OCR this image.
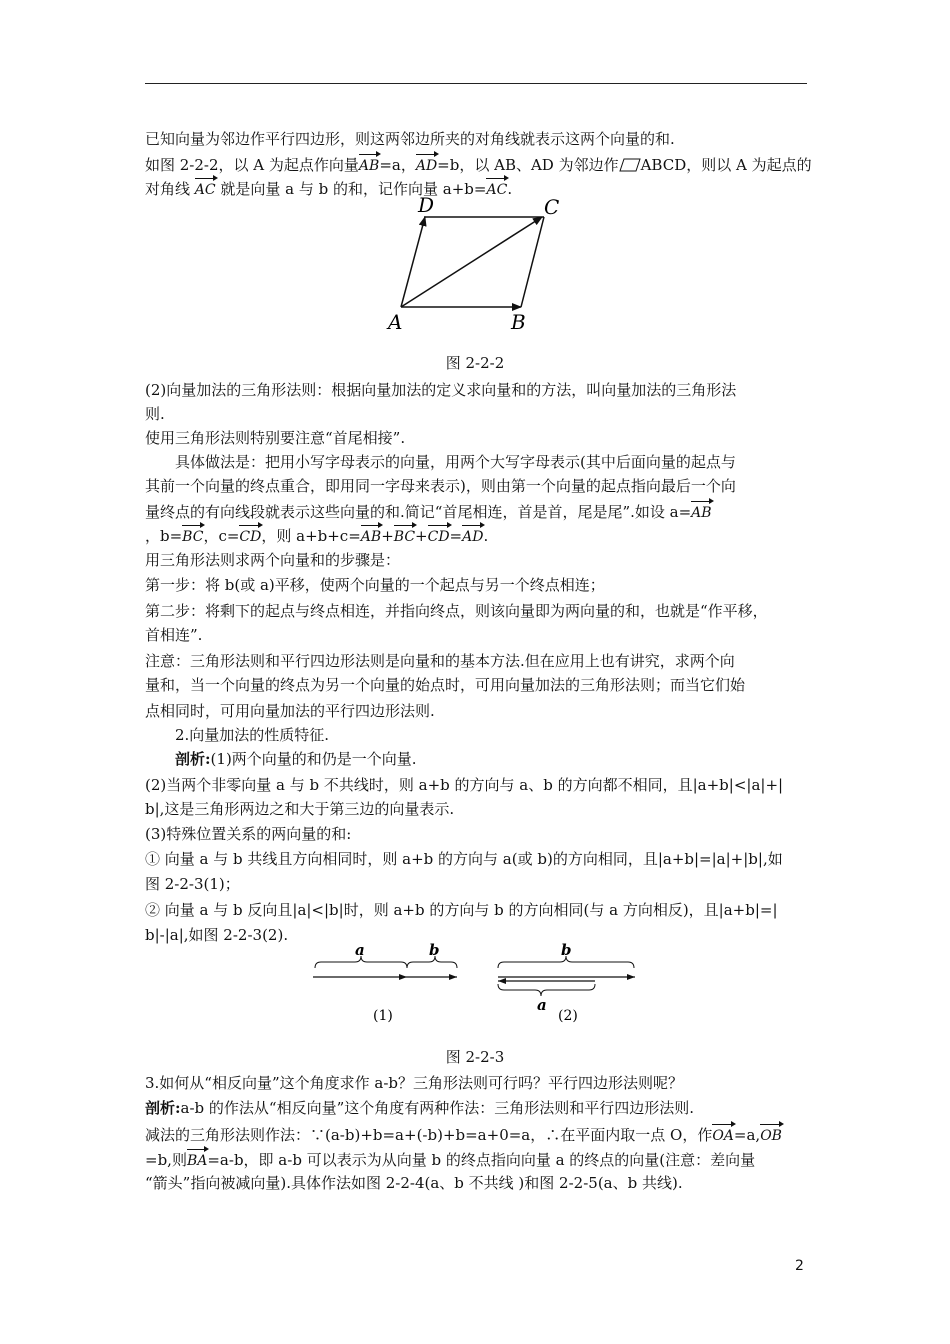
已知向量为邻边作平行四边形，则这两邻边所夹的对角线就表示这两个向量的和.
如图 2-2-2，以 A 为起点作向量AB=a，AD=b，以 AB、AD 为邻边作 ABCD，则以 A 为起点的
对角线 AC 就是向量 a 与 b 的和，记作向量 a+b=AC.
D	C
A	B
图 2-2-2
(2)向量加法的三角形法则：根据向量加法的定义求向量和的方法，叫向量加法的三角形法
则.
使用三角形法则特别要注意“首尾相接”.
具体做法是：把用小写字母表示的向量，用两个大写字母表示(其中后面向量的起点与
其前一个向量的终点重合，即用同一字母来表示)，则由第一个向量的起点指向最后一个向
量终点的有向线段就表示这些向量的和.简记“首尾相连，首是首，尾是尾”.如设 a=AB
，b=BC，c=CD，则 a+b+c=AB+BC+CD=AD.
用三角形法则求两个向量和的步骤是：
第一步：将 b(或 a)平移，使两个向量的一个起点与另一个终点相连；
第二步：将剩下的起点与终点相连，并指向终点，则该向量即为两向量的和，也就是“作平移，
首相连”.
注意：三角形法则和平行四边形法则是向量和的基本方法.但在应用上也有讲究，求两个向
量和，当一个向量的终点为另一个向量的始点时，可用向量加法的三角形法则；而当它们始
点相同时，可用向量加法的平行四边形法则.
2.向量加法的性质特征.
剖析:(1)两个向量的和仍是一个向量.
(2)当两个非零向量 a 与 b 不共线时，则 a+b 的方向与 a、b 的方向都不相同，且|a+b|<|a|+|
b|,这是三角形两边之和大于第三边的向量表示.
(3)特殊位置关系的两向量的和:
① 向量 a 与 b 共线且方向相同时，则 a+b 的方向与 a(或 b)的方向相同，且|a+b|=|a|+|b|,如
图 2-2-3(1)；
② 向量 a 与 b 反向且|a|<|b|时，则 a+b 的方向与 b 的方向相同(与 a 方向相反)，且|a+b|=|
b|-|a|,如图 2-2-3(2).
a	b
(1)
b
a
(2)
图 2-2-3
3.如何从“相反向量”这个角度求作 a-b？三角形法则可行吗？平行四边形法则呢？
剖析:a-b 的作法从“相反向量”这个角度有两种作法：三角形法则和平行四边形法则.
减法的三角形法则作法：∵(a-b)+b=a+(-b)+b=a+0=a，∴在平面内取一点 O，作OA=a,OB
=b,则BA=a-b，即 a-b 可以表示为从向量 b 的终点指向向量 a 的终点的向量(注意：差向量
“箭头”指向被减向量).具体作法如图 2-2-4(a、b 不共线 )和图 2-2-5(a、b 共线).
2
